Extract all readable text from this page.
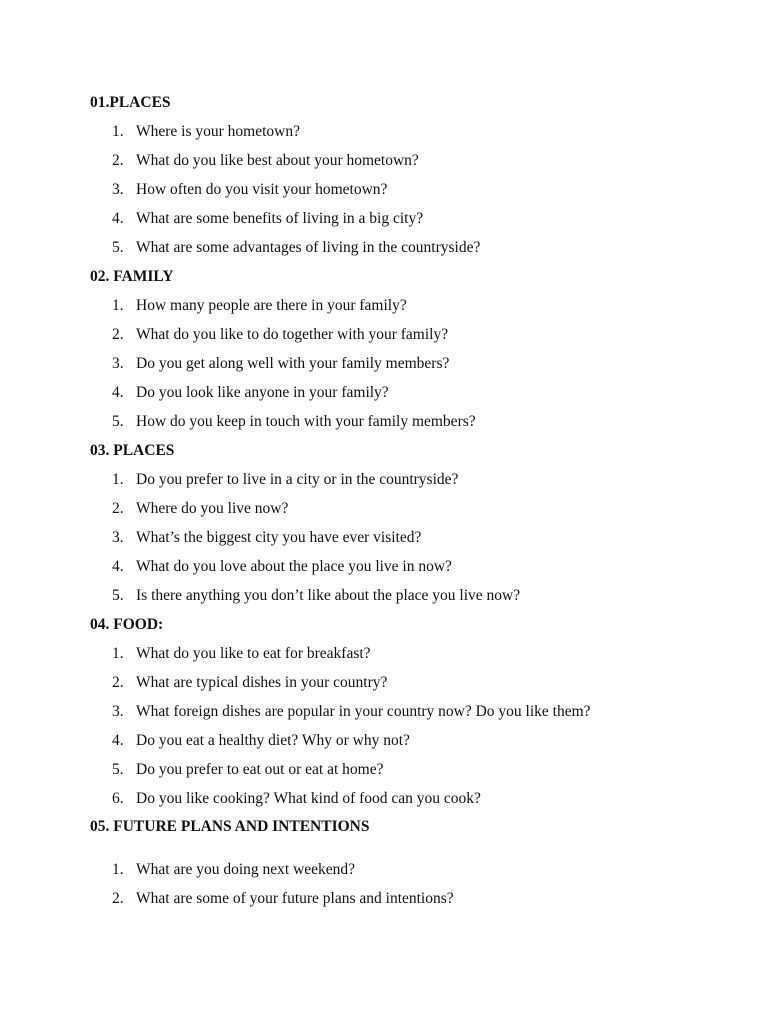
01.PLACES
1. Where is your hometown?
2. What do you like best about your hometown?
3. How often do you visit your hometown?
4. What are some benefits of living in a big city?
5. What are some advantages of living in the countryside?
02. FAMILY
1. How many people are there in your family?
2. What do you like to do together with your family?
3. Do you get along well with your family members?
4. Do you look like anyone in your family?
5. How do you keep in touch with your family members?
03. PLACES
1. Do you prefer to live in a city or in the countryside?
2. Where do you live now?
3. What’s the biggest city you have ever visited?
4. What do you love about the place you live in now?
5. Is there anything you don’t like about the place you live now?
04. FOOD:
1. What do you like to eat for breakfast?
2. What are typical dishes in your country?
3. What foreign dishes are popular in your country now? Do you like them?
4. Do you eat a healthy diet? Why or why not?
5. Do you prefer to eat out or eat at home?
6. Do you like cooking? What kind of food can you cook?
05. FUTURE PLANS AND INTENTIONS
1. What are you doing next weekend?
2. What are some of your future plans and intentions?
